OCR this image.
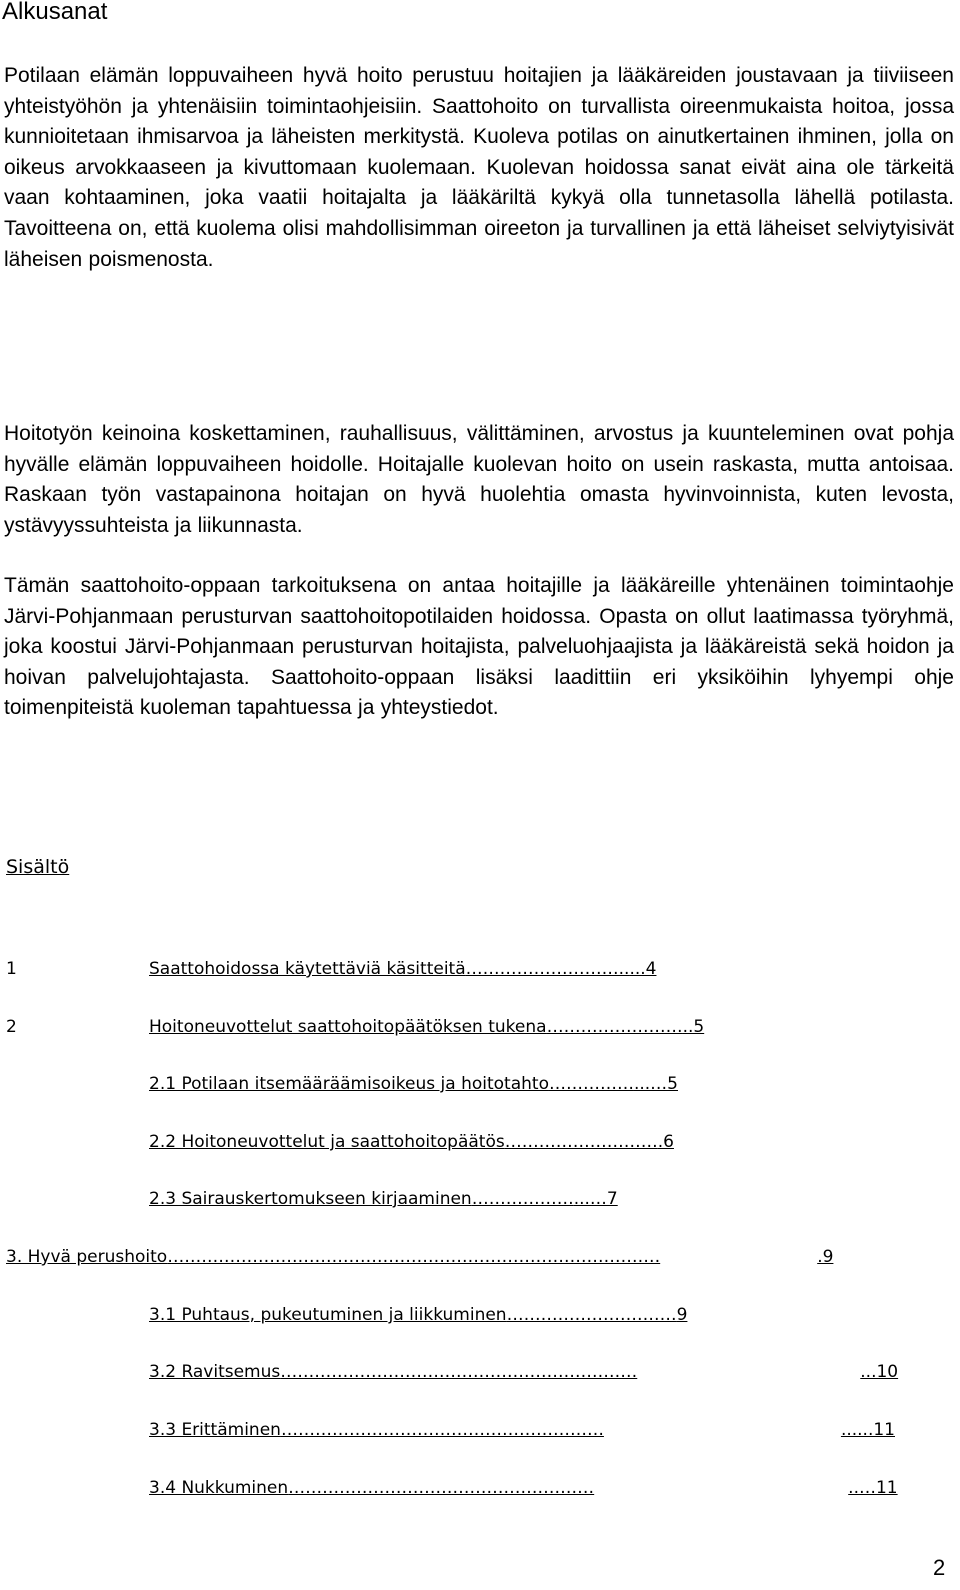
Alkusanat

Potilaan elämän loppuvaiheen hyvä hoito perustuu hoitajien ja lääkäreiden joustavaan ja tiiviiseen yhteistyöhön ja yhtenäisiin toimintaohjeisiin. Saattohoito on turvallista oireenmukaista hoitoa, jossa kunnioitetaan ihmisarvoa ja läheisten merkitystä. Kuoleva potilas on ainutkertainen ihminen, jolla on oikeus arvokkaaseen ja kivuttomaan kuolemaan. Kuolevan hoidossa sanat eivät aina ole tärkeitä vaan kohtaaminen, joka vaatii hoitajalta ja lääkäriltä kykyä olla tunnetasolla lähellä potilasta. Tavoitteena on, että kuolema olisi mahdollisimman oireeton ja turvallinen ja että läheiset selviytyisivät läheisen poismenosta.

Hoitotyön keinoina koskettaminen, rauhallisuus, välittäminen, arvostus ja kuunteleminen ovat pohja hyvälle elämän loppuvaiheen hoidolle. Hoitajalle kuolevan hoito on usein raskasta, mutta antoisaa. Raskaan työn vastapainona hoitajan on hyvä huolehtia omasta hyvinvoinnista, kuten levosta, ystävyyssuhteista ja liikunnasta.

Tämän saattohoito-oppaan tarkoituksena on antaa hoitajille ja lääkäreille yhtenäinen toimintaohje Järvi-Pohjanmaan perusturvan saattohoitopotilaiden hoidossa. Opasta on ollut laatimassa työryhmä, joka koostui Järvi-Pohjanmaan perusturvan hoitajista, palveluohjaajista ja lääkäreistä sekä hoidon ja hoivan palvelujohtajasta. Saattohoito-oppaan lisäksi laadittiin eri yksiköihin lyhyempi ohje toimenpiteistä kuoleman tapahtuessa ja yhteystiedot.

Sisältö
1	Saattohoidossa käytettäviä käsitteitä……………………….....4
2	Hoitoneuvottelut saattohoitopäätöksen tukena……………………..5
2.1 Potilaan itsemääräämisoikeus ja hoitotahto……………...…5
2.2 Hoitoneuvottelut ja saattohoitopäätös……………………….6
2.3 Sairauskertomukseen kirjaaminen………………...…7
3. Hyvä perushoito……………………………………………………………………………	.9
3.1 Puhtaus, pukeutuminen ja liikkuminen…………………………9
3.2 Ravitsemus………………………………………………………	...10
3.3 Erittäminen…………………………………………………	......11
3.4 Nukkuminen………………………………………………	..…11
2
